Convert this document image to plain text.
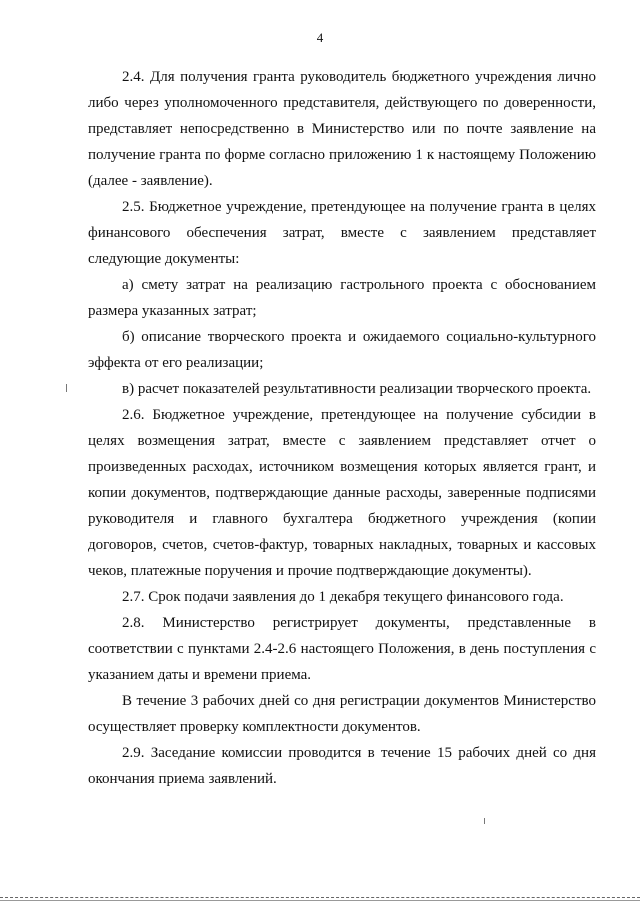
4

2.4. Для получения гранта руководитель бюджетного учреждения лично либо через уполномоченного представителя, действующего по доверенности, представляет непосредственно в Министерство или по почте заявление на получение гранта по форме согласно приложению 1 к настоящему Положению (далее - заявление).

2.5. Бюджетное учреждение, претендующее на получение гранта в целях финансового обеспечения затрат, вместе с заявлением представляет следующие документы:

а) смету затрат на реализацию гастрольного проекта с обоснованием размера указанных затрат;

б) описание творческого проекта и ожидаемого социально-культурного эффекта от его реализации;

в) расчет показателей результативности реализации творческого проекта.

2.6. Бюджетное учреждение, претендующее на получение субсидии в целях возмещения затрат, вместе с заявлением представляет отчет о произведенных расходах, источником возмещения которых является грант, и копии документов, подтверждающие данные расходы, заверенные подписями руководителя и главного бухгалтера бюджетного учреждения (копии договоров, счетов, счетов-фактур, товарных накладных, товарных и кассовых чеков, платежные поручения и прочие подтверждающие документы).

2.7. Срок подачи заявления до 1 декабря текущего финансового года.

2.8. Министерство регистрирует документы, представленные в соответствии с пунктами 2.4-2.6 настоящего Положения, в день поступления с указанием даты и времени приема.

В течение 3 рабочих дней со дня регистрации документов Министерство осуществляет проверку комплектности документов.

2.9. Заседание комиссии проводится в течение 15 рабочих дней со дня окончания приема заявлений.
